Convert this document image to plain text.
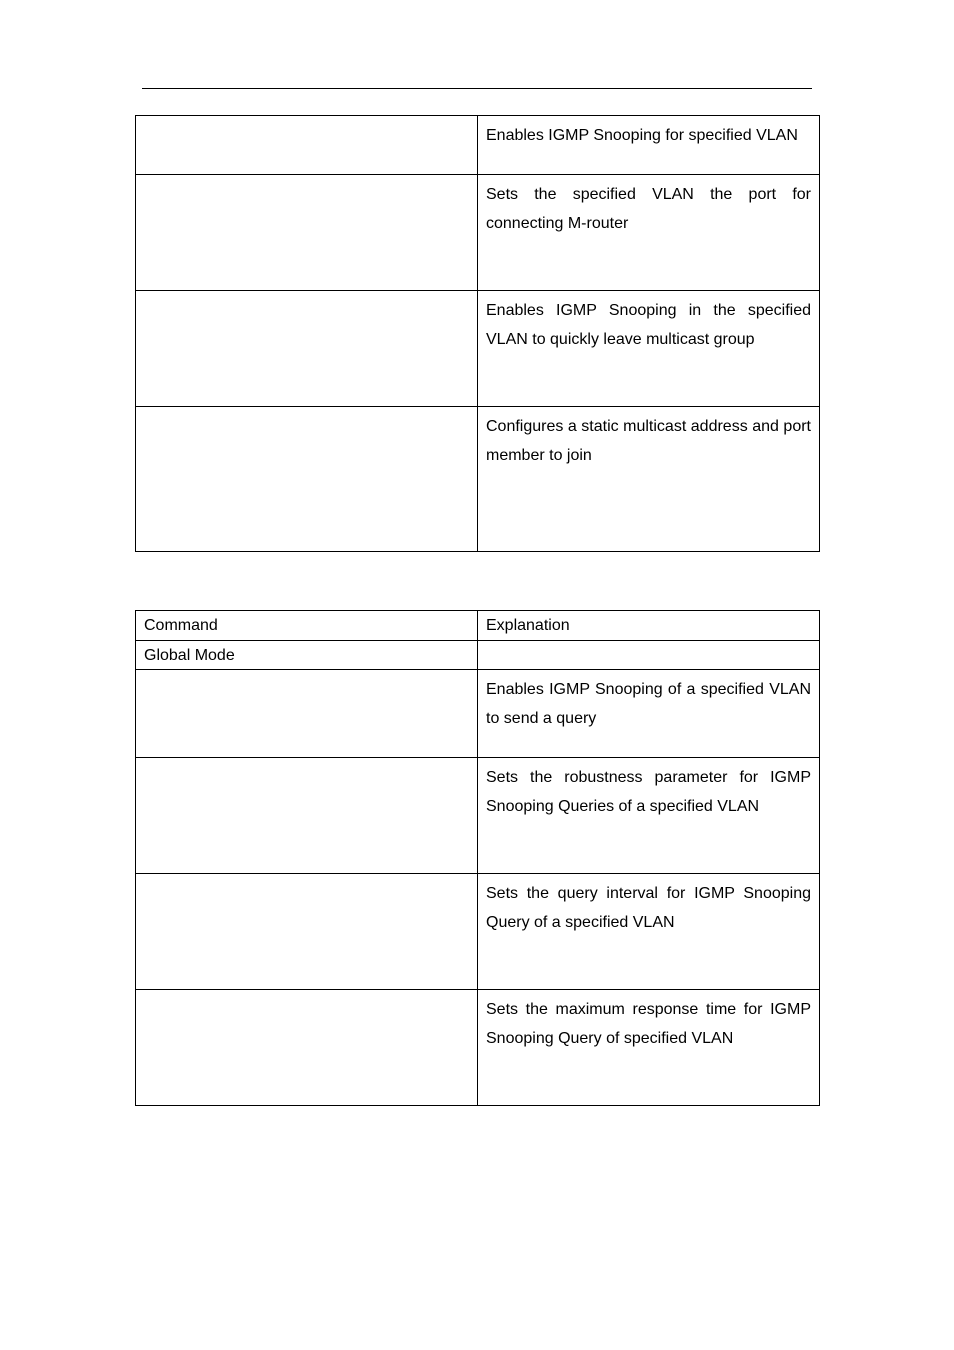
	Enables IGMP Snooping for specified VLAN

	Sets the specified VLAN the port for connecting M-router

	Enables IGMP Snooping in the specified VLAN to quickly leave multicast group

	Configures a static multicast address and port member to join
Command	Explanation

Global Mode	

	Enables IGMP Snooping of a specified VLAN to send a query

	Sets the robustness parameter for IGMP Snooping Queries of a specified VLAN

	Sets the query interval for IGMP Snooping Query of a specified VLAN

	Sets the maximum response time for IGMP Snooping Query of specified VLAN
